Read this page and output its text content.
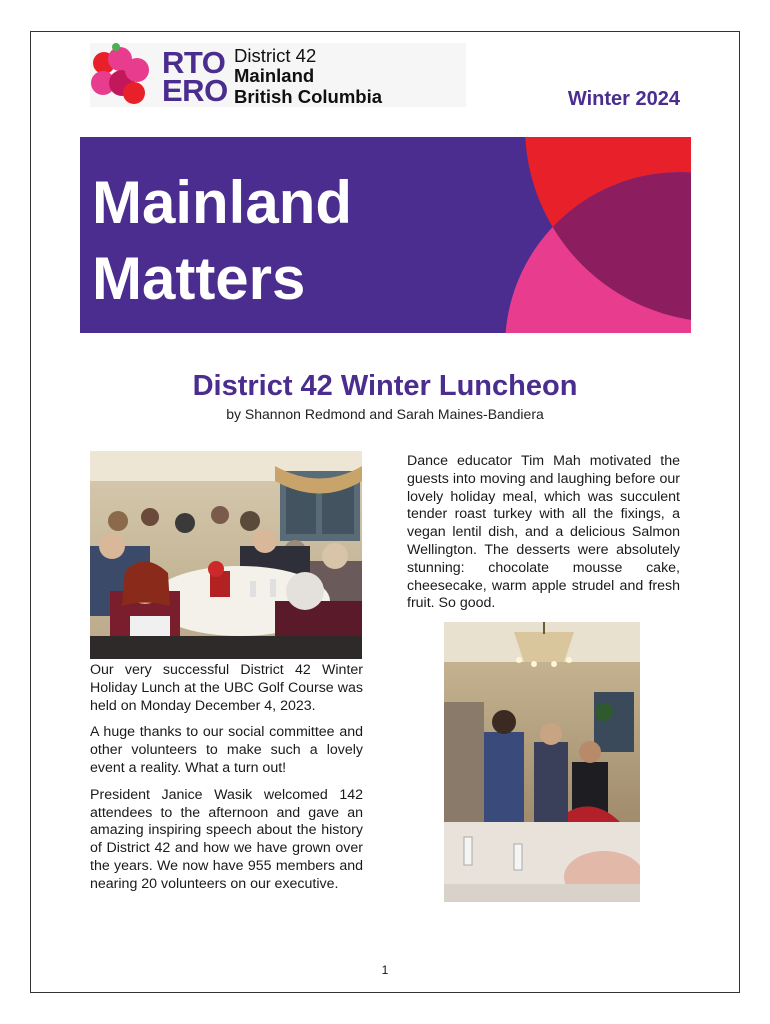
RTO
ERO
District 42
Mainland
British Columbia	Winter 2024
Mainland
Matters
District 42 Winter Luncheon
by Shannon Redmond and Sarah Maines-Bandiera

Our very successful District 42 Winter Holiday Lunch at the UBC Golf Course was held on Monday December 4, 2023.

A huge thanks to our social committee and other volunteers to make such a lovely event a reality. What a turn out!

President Janice Wasik welcomed 142 attendees to the afternoon and gave an amazing inspiring speech about the history of District 42 and how we have grown over the years. We now have 955 members and nearing 20 volunteers on our executive.

Dance educator Tim Mah motivated the guests into moving and laughing before our lovely holiday meal, which was succulent tender roast turkey with all the fixings, a vegan lentil dish, and a delicious Salmon Wellington. The desserts were absolutely stunning: chocolate mousse cake, cheesecake, warm apple strudel and fresh fruit. So good.

1
